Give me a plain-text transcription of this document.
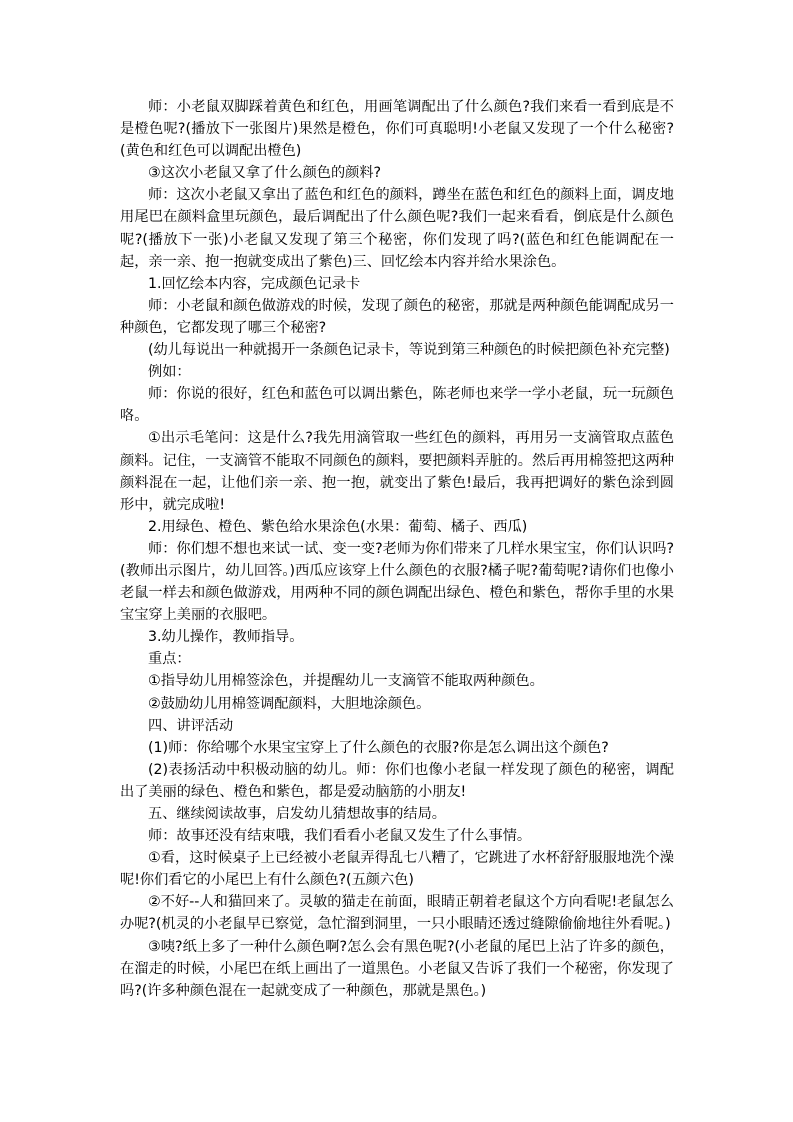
师：小老鼠双脚踩着黄色和红色，用画笔调配出了什么颜色?我们来看一看到底是不是橙色呢?(播放下一张图片)果然是橙色，你们可真聪明!小老鼠又发现了一个什么秘密?(黄色和红色可以调配出橙色)

③这次小老鼠又拿了什么颜色的颜料?

师：这次小老鼠又拿出了蓝色和红色的颜料，蹲坐在蓝色和红色的颜料上面，调皮地用尾巴在颜料盒里玩颜色，最后调配出了什么颜色呢?我们一起来看看，倒底是什么颜色呢?(播放下一张)小老鼠又发现了第三个秘密，你们发现了吗?(蓝色和红色能调配在一起，亲一亲、抱一抱就变成出了紫色)三、回忆绘本内容并给水果涂色。

1.回忆绘本内容，完成颜色记录卡

师：小老鼠和颜色做游戏的时候，发现了颜色的秘密，那就是两种颜色能调配成另一种颜色，它都发现了哪三个秘密?

(幼儿每说出一种就揭开一条颜色记录卡，等说到第三种颜色的时候把颜色补充完整)

例如：

师：你说的很好，红色和蓝色可以调出紫色，陈老师也来学一学小老鼠，玩一玩颜色咯。

①出示毛笔问：这是什么?我先用滴管取一些红色的颜料，再用另一支滴管取点蓝色颜料。记住，一支滴管不能取不同颜色的颜料，要把颜料弄脏的。然后再用棉签把这两种颜料混在一起，让他们亲一亲、抱一抱，就变出了紫色!最后，我再把调好的紫色涂到圆形中，就完成啦!

2.用绿色、橙色、紫色给水果涂色(水果：葡萄、橘子、西瓜)

师：你们想不想也来试一试、变一变?老师为你们带来了几样水果宝宝，你们认识吗?(教师出示图片，幼儿回答。)西瓜应该穿上什么颜色的衣服?橘子呢?葡萄呢?请你们也像小老鼠一样去和颜色做游戏，用两种不同的颜色调配出绿色、橙色和紫色，帮你手里的水果宝宝穿上美丽的衣服吧。

3.幼儿操作，教师指导。

重点：

①指导幼儿用棉签涂色，并提醒幼儿一支滴管不能取两种颜色。

②鼓励幼儿用棉签调配颜料，大胆地涂颜色。

四、讲评活动

(1)师：你给哪个水果宝宝穿上了什么颜色的衣服?你是怎么调出这个颜色?

(2)表扬活动中积极动脑的幼儿。师：你们也像小老鼠一样发现了颜色的秘密，调配出了美丽的绿色、橙色和紫色，都是爱动脑筋的小朋友!

五、继续阅读故事，启发幼儿猜想故事的结局。

师：故事还没有结束哦，我们看看小老鼠又发生了什么事情。

①看，这时候桌子上已经被小老鼠弄得乱七八糟了，它跳进了水杯舒舒服服地洗个澡呢!你们看它的小尾巴上有什么颜色?(五颜六色)

②不好--人和猫回来了。灵敏的猫走在前面，眼睛正朝着老鼠这个方向看呢!老鼠怎么办呢?(机灵的小老鼠早已察觉，急忙溜到洞里，一只小眼睛还透过缝隙偷偷地往外看呢。)

③咦?纸上多了一种什么颜色啊?怎么会有黑色呢?(小老鼠的尾巴上沾了许多的颜色，在溜走的时候，小尾巴在纸上画出了一道黑色。小老鼠又告诉了我们一个秘密，你发现了吗?(许多种颜色混在一起就变成了一种颜色，那就是黑色。)
